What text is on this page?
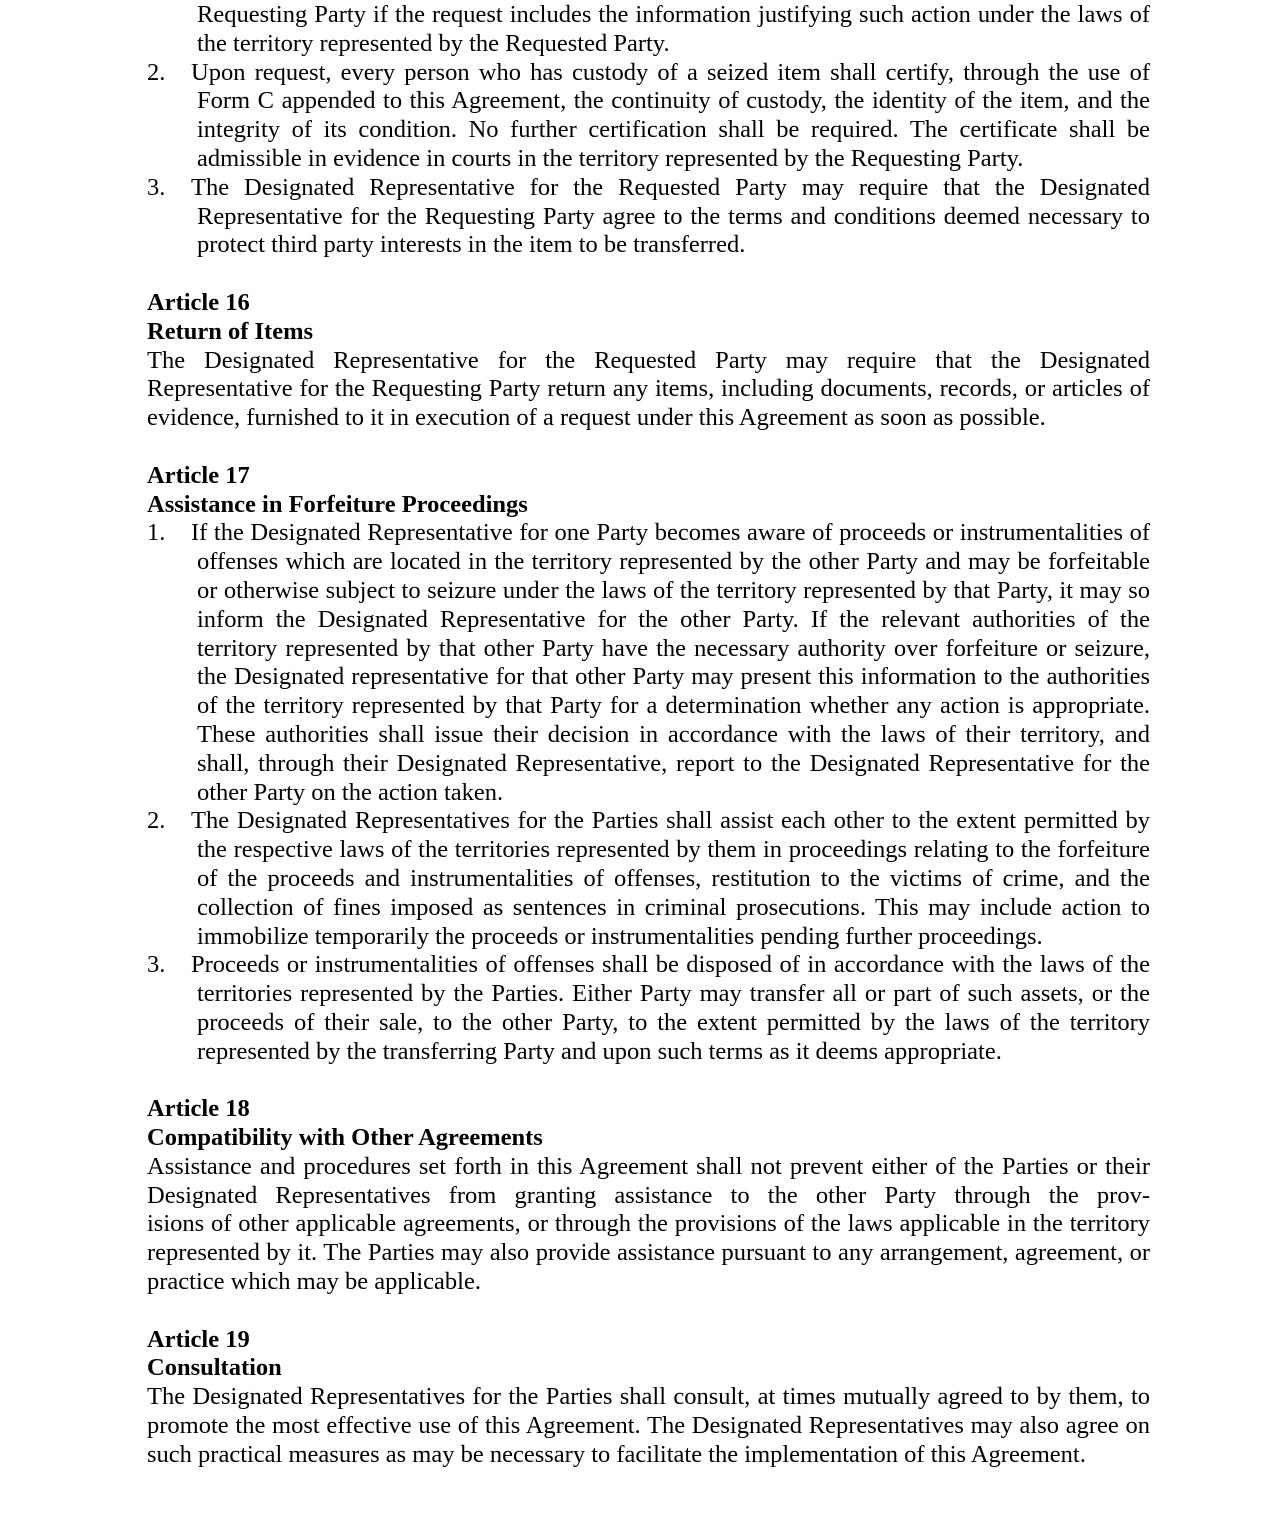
Requesting Party if the request includes the information justifying such action under the laws of the territory represented by the Requested Party.

2. Upon request, every person who has custody of a seized item shall certify, through the use of Form C appended to this Agreement, the continuity of custody, the identity of the item, and the integrity of its condition. No further certification shall be required. The certificate shall be admissible in evidence in courts in the territory represented by the Requesting Party.
3. The Designated Representative for the Requested Party may require that the Designated Representative for the Requesting Party agree to the terms and conditions deemed necessary to protect third party interests in the item to be transferred.

Article 16

Return of Items

The Designated Representative for the Requested Party may require that the Designated Representative for the Requesting Party return any items, including documents, records, or articles of evidence, furnished to it in execution of a request under this Agreement as soon as possible.

Article 17

Assistance in Forfeiture Proceedings

1. If the Designated Representative for one Party becomes aware of proceeds or instrumentalities of offenses which are located in the territory represented by the other Party and may be forfeitable or otherwise subject to seizure under the laws of the territory represented by that Party, it may so inform the Designated Representative for the other Party. If the relevant authorities of the territory represented by that other Party have the necessary authority over forfeiture or seizure, the Designated representative for that other Party may present this information to the authorities of the territory represented by that Party for a determination whether any action is appropriate. These authorities shall issue their decision in accordance with the laws of their territory, and shall, through their Designated Representative, report to the Designated Representative for the other Party on the action taken.
2. The Designated Representatives for the Parties shall assist each other to the extent permitted by the respective laws of the territories represented by them in proceedings relating to the forfeiture of the proceeds and instrumentalities of offenses, restitution to the victims of crime, and the collection of fines imposed as sentences in criminal prosecutions. This may include action to immobilize temporarily the proceeds or instrumentalities pending further proceedings.
3. Proceeds or instrumentalities of offenses shall be disposed of in accordance with the laws of the territories represented by the Parties. Either Party may transfer all or part of such assets, or the proceeds of their sale, to the other Party, to the extent permitted by the laws of the territory represented by the transferring Party and upon such terms as it deems appropriate.

Article 18

Compatibility with Other Agreements

Assistance and procedures set forth in this Agreement shall not prevent either of the Parties or their Designated Representatives from granting assistance to the other Party through the prov-

isions of other applicable agreements, or through the provisions of the laws applicable in the territory represented by it. The Parties may also provide assistance pursuant to any arrangement, agreement, or practice which may be applicable.

Article 19

Consultation

The Designated Representatives for the Parties shall consult, at times mutually agreed to by them, to promote the most effective use of this Agreement. The Designated Representatives may also agree on such practical measures as may be necessary to facilitate the implementation of this Agreement.
